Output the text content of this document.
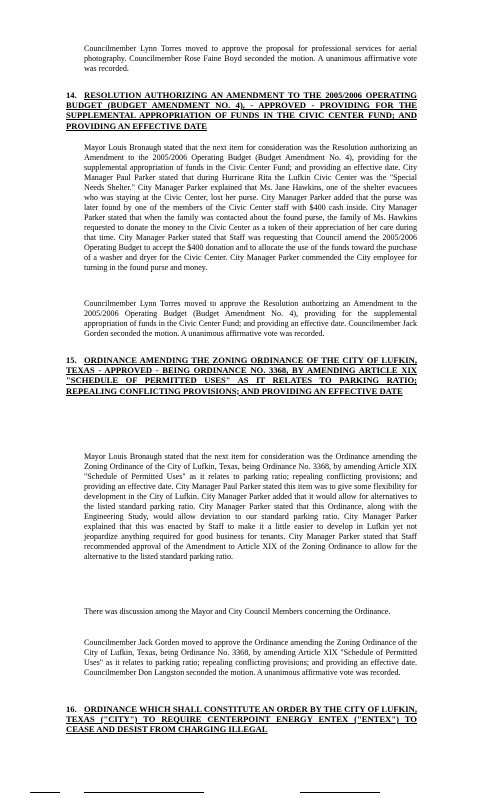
Councilmember Lynn Torres moved to approve the proposal for professional services for aerial photography. Councilmember Rose Faine Boyd seconded the motion. A unanimous affirmative vote was recorded.

14. RESOLUTION AUTHORIZING AN AMENDMENT TO THE 2005/2006 OPERATING BUDGET (BUDGET AMENDMENT NO. 4), - APPROVED - PROVIDING FOR THE SUPPLEMENTAL APPROPRIATION OF FUNDS IN THE CIVIC CENTER FUND; AND PROVIDING AN EFFECTIVE DATE

Mayor Louis Bronaugh stated that the next item for consideration was the Resolution authorizing an Amendment to the 2005/2006 Operating Budget (Budget Amendment No. 4), providing for the supplemental appropriation of funds in the Civic Center Fund; and providing an effective date. City Manager Paul Parker stated that during Hurricane Rita the Lufkin Civic Center was the "Special Needs Shelter." City Manager Parker explained that Ms. Jane Hawkins, one of the shelter evacuees who was staying at the Civic Center, lost her purse. City Manager Parker added that the purse was later found by one of the members of the Civic Center staff with $400 cash inside. City Manager Parker stated that when the family was contacted about the found purse, the family of Ms. Hawkins requested to donate the money to the Civic Center as a token of their appreciation of her care during that time. City Manager Parker stated that Staff was requesting that Council amend the 2005/2006 Operating Budget to accept the $400 donation and to allocate the use of the funds toward the purchase of a washer and dryer for the Civic Center. City Manager Parker commended the City employee for turning in the found purse and money.

Councilmember Lynn Torres moved to approve the Resolution authorizing an Amendment to the 2005/2006 Operating Budget (Budget Amendment No. 4), providing for the supplemental appropriation of funds in the Civic Center Fund; and providing an effective date. Councilmember Jack Gorden seconded the motion. A unanimous affirmative vote was recorded.

15. ORDINANCE AMENDING THE ZONING ORDINANCE OF THE CITY OF LUFKIN, TEXAS - APPROVED - BEING ORDINANCE NO. 3368, BY AMENDING ARTICLE XIX "SCHEDULE OF PERMITTED USES" AS IT RELATES TO PARKING RATIO; REPEALING CONFLICTING PROVISIONS; AND PROVIDING AN EFFECTIVE DATE

Mayor Louis Bronaugh stated that the next item for consideration was the Ordinance amending the Zoning Ordinance of the City of Lufkin, Texas, being Ordinance No. 3368, by amending Article XIX "Schedule of Permitted Uses" as it relates to parking ratio; repealing conflicting provisions; and providing an effective date. City Manager Paul Parker stated this item was to give some flexibility for development in the City of Lufkin. City Manager Parker added that it would allow for alternatives to the listed standard parking ratio. City Manager Parker stated that this Ordinance, along with the Engineering Study, would allow deviation to our standard parking ratio. City Manager Parker explained that this was enacted by Staff to make it a little easier to develop in Lufkin yet not jeopardize anything required for good business for tenants. City Manager Parker stated that Staff recommended approval of the Amendment to Article XIX of the Zoning Ordinance to allow for the alternative to the listed standard parking ratio.

There was discussion among the Mayor and City Council Members concerning the Ordinance.

Councilmember Jack Gorden moved to approve the Ordinance amending the Zoning Ordinance of the City of Lufkin, Texas, being Ordinance No. 3368, by amending Article XIX "Schedule of Permitted Uses" as it relates to parking ratio; repealing conflicting provisions; and providing an effective date. Councilmember Don Langston seconded the motion. A unanimous affirmative vote was recorded.

16. ORDINANCE WHICH SHALL CONSTITUTE AN ORDER BY THE CITY OF LUFKIN, TEXAS ("CITY") TO REQUIRE CENTERPOINT ENERGY ENTEX ("ENTEX") TO CEASE AND DESIST FROM CHARGING ILLEGAL
